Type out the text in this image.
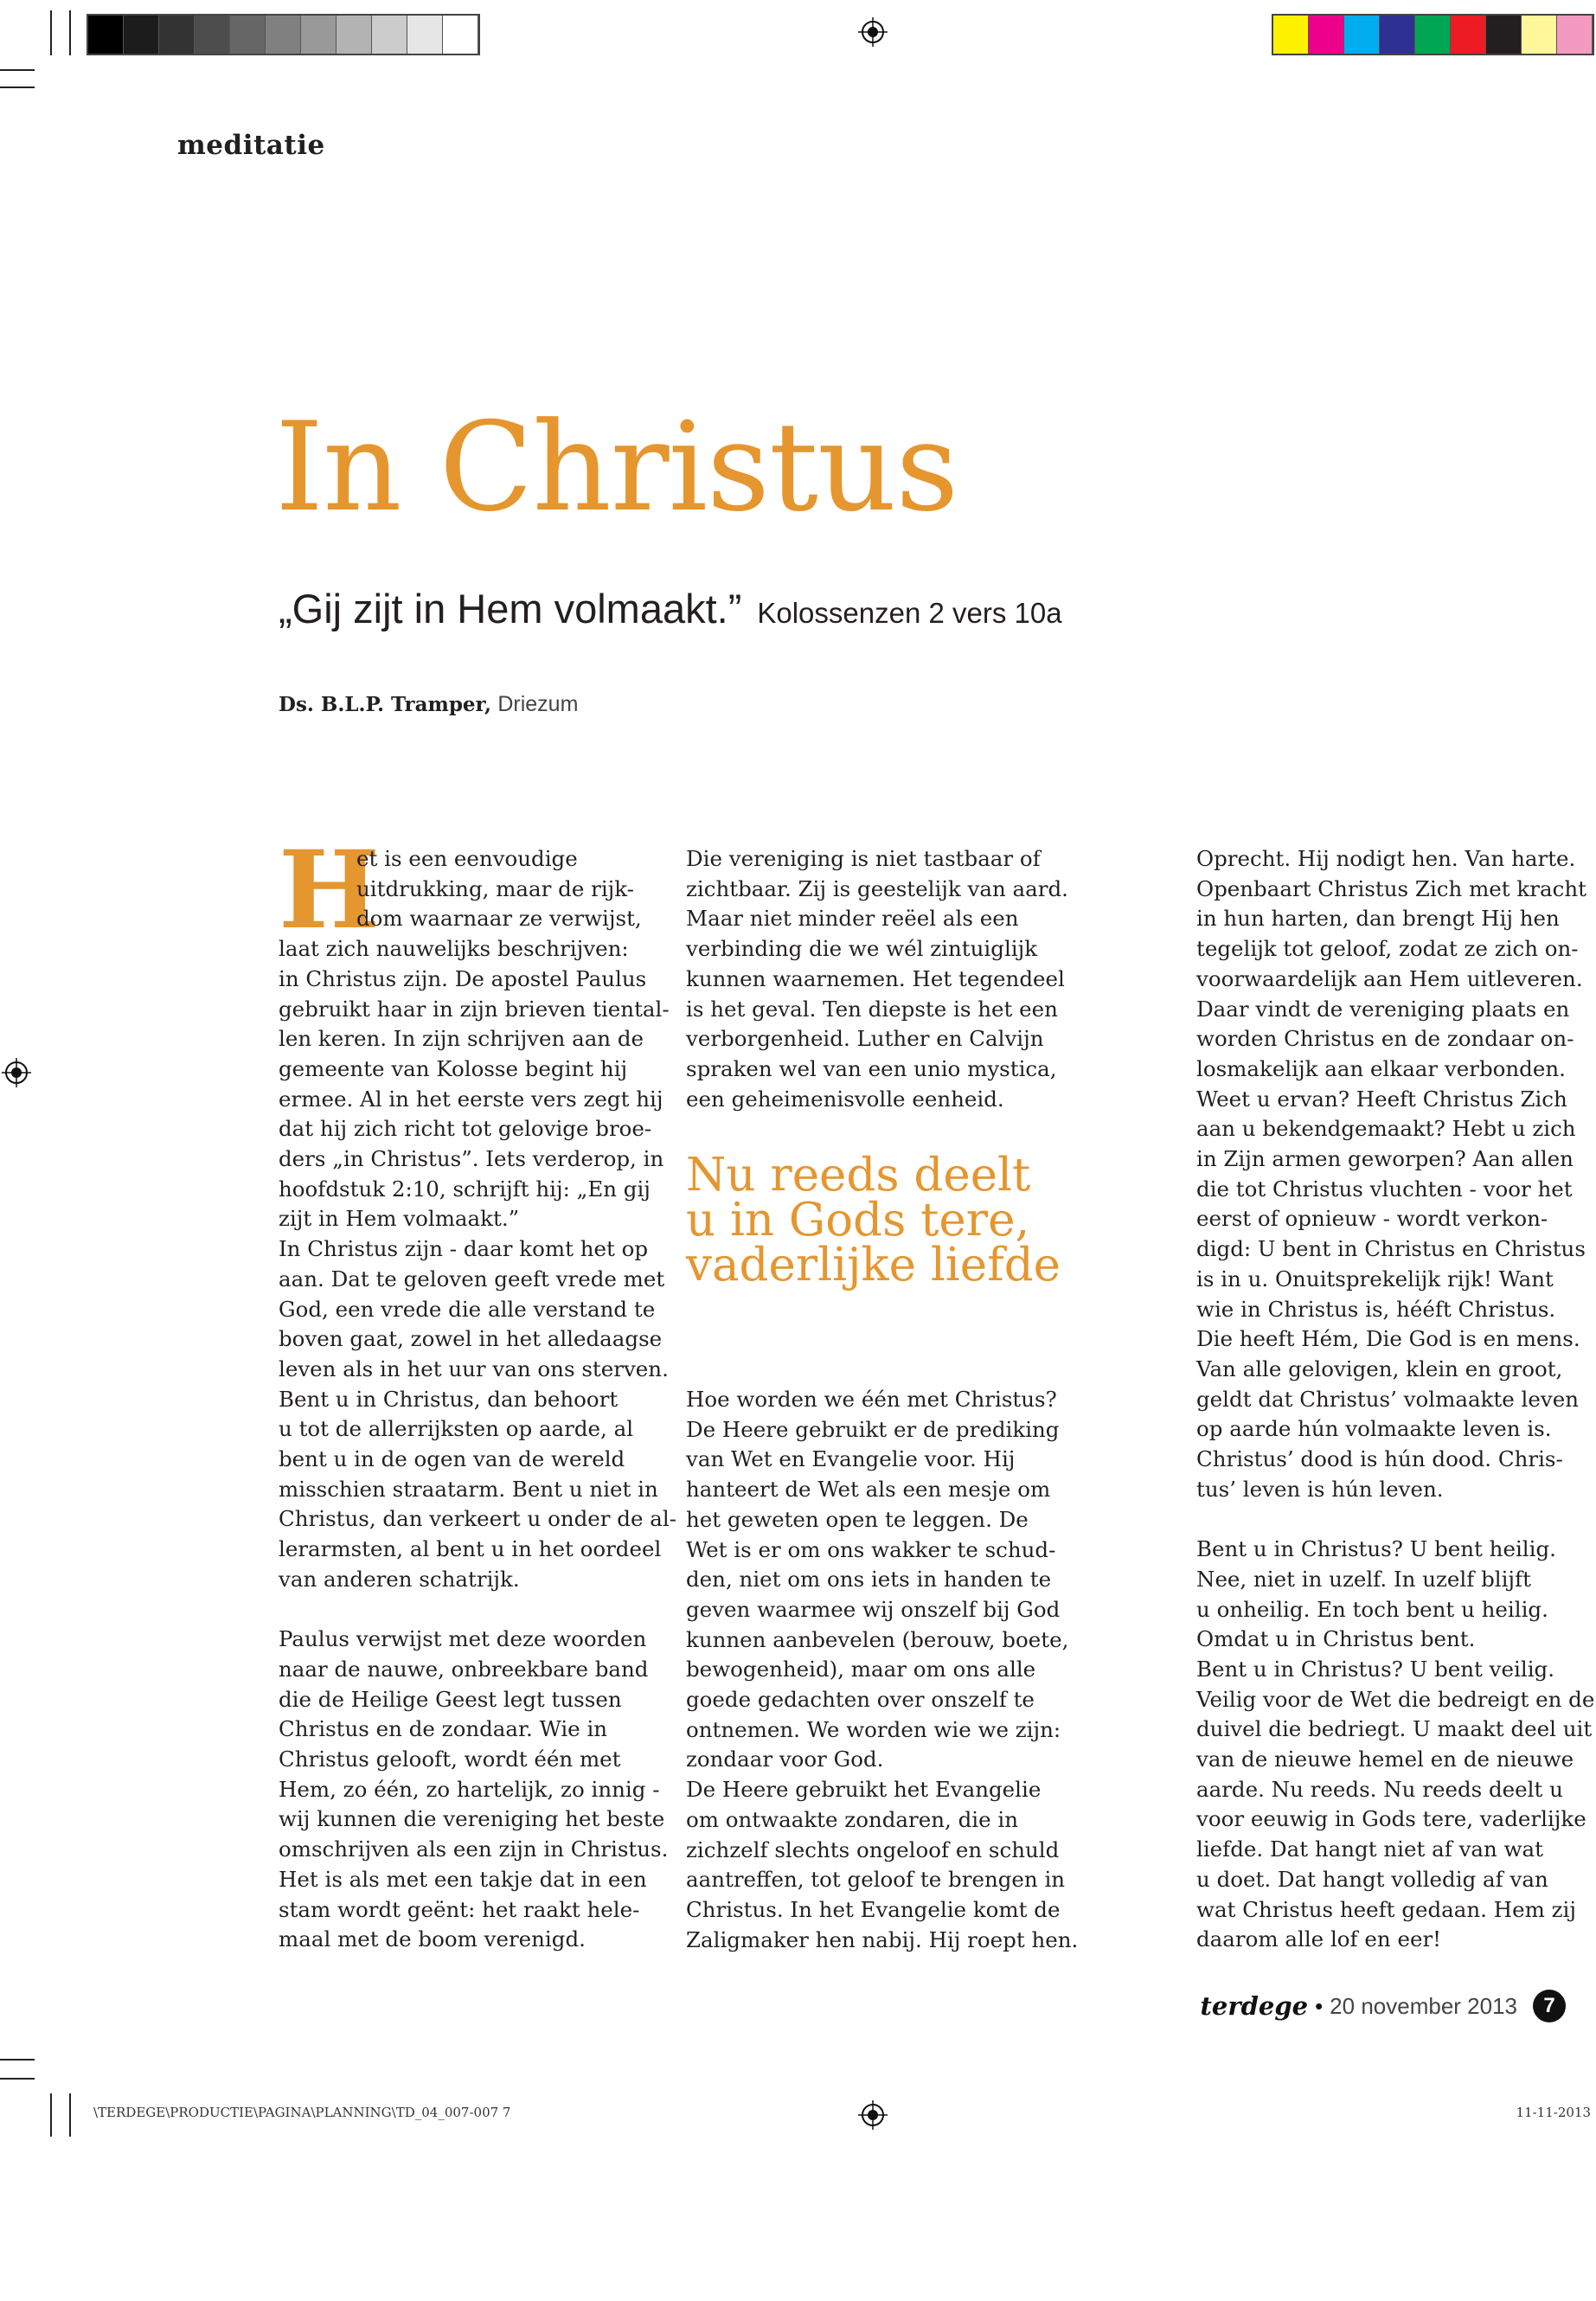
meditatie
In Christus
„Gij zijt in Hem volmaakt.” Kolossenzen 2 vers 10a
Ds. B.L.P. Tramper, Driezum
H

et is een eenvoudige

uitdrukking, maar de rijk-

dom waarnaar ze verwijst,

laat zich nauwelijks beschrijven:

in Christus zijn. De apostel Paulus

gebruikt haar in zijn brieven tiental-

len keren. In zijn schrijven aan de

gemeente van Kolosse begint hij

ermee. Al in het eerste vers zegt hij

dat hij zich richt tot gelovige broe-

ders „in Christus”. Iets verderop, in

hoofdstuk 2:10, schrijft hij: „En gij

zijt in Hem volmaakt.”

In Christus zijn - daar komt het op

aan. Dat te geloven geeft vrede met

God, een vrede die alle verstand te

boven gaat, zowel in het alledaagse

leven als in het uur van ons sterven.

Bent u in Christus, dan behoort

u tot de allerrijksten op aarde, al

bent u in de ogen van de wereld

misschien straatarm. Bent u niet in

Christus, dan verkeert u onder de al-

lerarmsten, al bent u in het oordeel

van anderen schatrijk.

Paulus verwijst met deze woorden

naar de nauwe, onbreekbare band

die de Heilige Geest legt tussen

Christus en de zondaar. Wie in

Christus gelooft, wordt één met

Hem, zo één, zo hartelijk, zo innig -

wij kunnen die vereniging het beste

omschrijven als een zijn in Christus.

Het is als met een takje dat in een

stam wordt geënt: het raakt hele-

maal met de boom verenigd.

Die vereniging is niet tastbaar of

zichtbaar. Zij is geestelijk van aard.

Maar niet minder reëel als een

verbinding die we wél zintuiglijk

kunnen waarnemen. Het tegendeel

is het geval. Ten diepste is het een

verborgenheid. Luther en Calvijn

spraken wel van een unio mystica,

een geheimenisvolle eenheid.

Nu reeds deelt
u in Gods tere,
vaderlijke liefde

Hoe worden we één met Christus?

De Heere gebruikt er de prediking

van Wet en Evangelie voor. Hij

hanteert de Wet als een mesje om

het geweten open te leggen. De

Wet is er om ons wakker te schud-

den, niet om ons iets in handen te

geven waarmee wij onszelf bij God

kunnen aanbevelen (berouw, boete,

bewogenheid), maar om ons alle

goede gedachten over onszelf te

ontnemen. We worden wie we zijn:

zondaar voor God.

De Heere gebruikt het Evangelie

om ontwaakte zondaren, die in

zichzelf slechts ongeloof en schuld

aantreffen, tot geloof te brengen in

Christus. In het Evangelie komt de

Zaligmaker hen nabij. Hij roept hen.

Oprecht. Hij nodigt hen. Van harte.

Openbaart Christus Zich met kracht

in hun harten, dan brengt Hij hen

tegelijk tot geloof, zodat ze zich on-

voorwaardelijk aan Hem uitleveren.

Daar vindt de vereniging plaats en

worden Christus en de zondaar on-

losmakelijk aan elkaar verbonden.

Weet u ervan? Heeft Christus Zich

aan u bekendgemaakt? Hebt u zich

in Zijn armen geworpen? Aan allen

die tot Christus vluchten - voor het

eerst of opnieuw - wordt verkon-

digd: U bent in Christus en Christus

is in u. Onuitsprekelijk rijk! Want

wie in Christus is, hééft Christus.

Die heeft Hém, Die God is en mens.

Van alle gelovigen, klein en groot,

geldt dat Christus’ volmaakte leven

op aarde hún volmaakte leven is.

Christus’ dood is hún dood. Chris-

tus’ leven is hún leven.

Bent u in Christus? U bent heilig.

Nee, niet in uzelf. In uzelf blijft

u onheilig. En toch bent u heilig.

Omdat u in Christus bent.

Bent u in Christus? U bent veilig.

Veilig voor de Wet die bedreigt en de

duivel die bedriegt. U maakt deel uit

van de nieuwe hemel en de nieuwe

aarde. Nu reeds. Nu reeds deelt u

voor eeuwig in Gods tere, vaderlijke

liefde. Dat hangt niet af van wat

u doet. Dat hangt volledig af van

wat Christus heeft gedaan. Hem zij

daarom alle lof en eer!

terdege • 20 november 2013	7
\TERDEGE\PRODUCTIE\PAGINA\PLANNING\TD_04_007-007 7	11-11-2013
